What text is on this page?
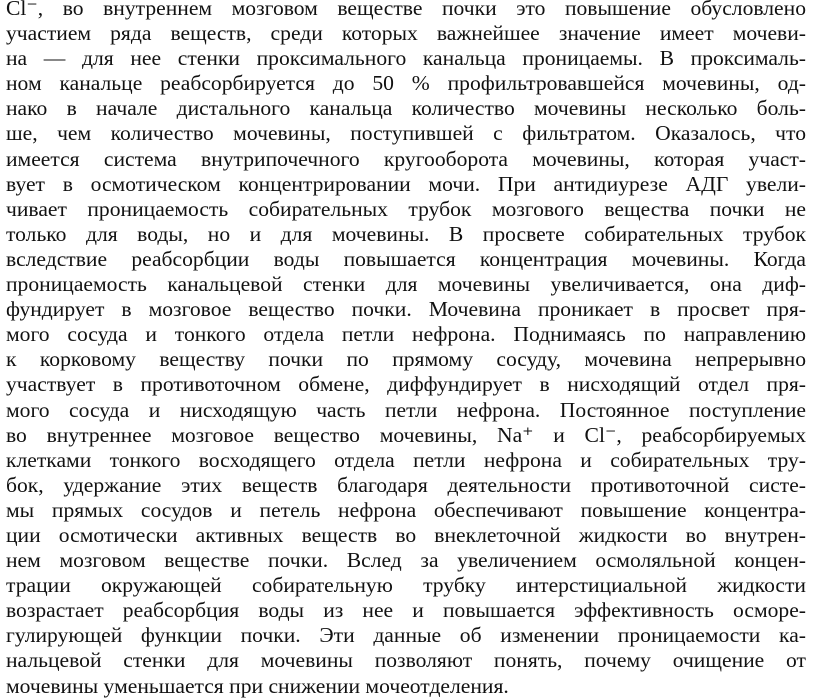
Cl⁻, во внутреннем мозговом веществе почки это повышение обусловлено
участием ряда веществ, среди которых важнейшее значение имеет мочеви-
на — для нее стенки проксимального канальца проницаемы. В проксималь-
ном канальце реабсорбируется до 50 % профильтровавшейся мочевины, од-
нако в начале дистального канальца количество мочевины несколько боль-
ше, чем количество мочевины, поступившей с фильтратом. Оказалось, что
имеется система внутрипочечного кругооборота мочевины, которая участ-
вует в осмотическом концентрировании мочи. При антидиурезе АДГ увели-
чивает проницаемость собирательных трубок мозгового вещества почки не
только для воды, но и для мочевины. В просвете собирательных трубок
вследствие реабсорбции воды повышается концентрация мочевины. Когда
проницаемость канальцевой стенки для мочевины увеличивается, она диф-
фундирует в мозговое вещество почки. Мочевина проникает в просвет пря-
мого сосуда и тонкого отдела петли нефрона. Поднимаясь по направлению
к корковому веществу почки по прямому сосуду, мочевина непрерывно
участвует в противоточном обмене, диффундирует в нисходящий отдел пря-
мого сосуда и нисходящую часть петли нефрона. Постоянное поступление
во внутреннее мозговое вещество мочевины, Na⁺ и Cl⁻, реабсорбируемых
клетками тонкого восходящего отдела петли нефрона и собирательных тру-
бок, удержание этих веществ благодаря деятельности противоточной систе-
мы прямых сосудов и петель нефрона обеспечивают повышение концентра-
ции осмотически активных веществ во внеклеточной жидкости во внутрен-
нем мозговом веществе почки. Вслед за увеличением осмоляльной концен-
трации окружающей собирательную трубку интерстициальной жидкости
возрастает реабсорбция воды из нее и повышается эффективность осморе-
гулирующей функции почки. Эти данные об изменении проницаемости ка-
нальцевой стенки для мочевины позволяют понять, почему очищение от
мочевины уменьшается при снижении мочеотделения.
